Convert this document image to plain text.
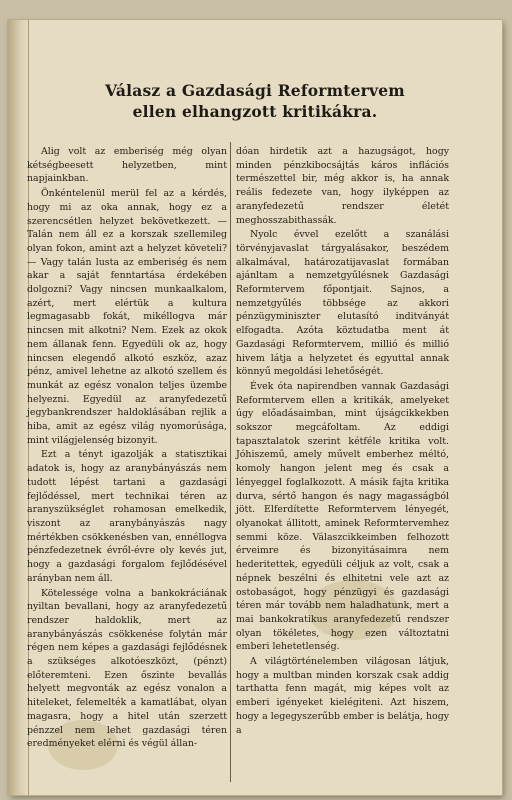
Válasz a Gazdasági Reformtervem
ellen elhangzott kritikákra.

Alig volt az emberiség még olyan kétségbeesett helyzetben, mint napjainkban.

Önkéntelenül merül fel az a kérdés, hogy mi az oka annak, hogy ez a szerencsétlen helyzet bekövetkezett. — Talán nem áll ez a korszak szellemileg olyan fokon, amint azt a helyzet követeli? — Vagy talán lusta az emberiség és nem akar a saját fenntartása érdekében dolgozni? Vagy nincsen munkaalkalom, azért, mert elértük a kultura legmagasabb fokát, mikéllogva már nincsen mit alkotni? Nem. Ezek az okok nem állanak fenn. Egyedüli ok az, hogy nincsen elegendő alkotó eszköz, azaz pénz, amivel lehetne az alkotó szellem és munkát az egész vonalon teljes üzembe helyezni. Egyedül az aranyfedezetű jegybankrendszer haldoklásában rejlik a hiba, amit az egész világ nyomorúsága, mint világjelenség bizonyit.

Ezt a tényt igazolják a statisztikai adatok is, hogy az aranybányászás nem tudott lépést tartani a gazdasági fejlődéssel, mert technikai téren az aranyszükséglet rohamosan emelkedik, viszont az aranybányászás nagy mértékben csökkenésben van, ennéllogva pénzfedezetnek évről-évre oly kevés jut, hogy a gazdasági forgalom fejlődésével arányban nem áll.

Kötelessége volna a bankokráciának nyiltan bevallani, hogy az aranyfedezetű rendszer haldoklik, mert az aranybányászás csökkenése folytán már régen nem képes a gazdasági fejlődésnek a szükséges alkotóeszközt, (pénzt) előteremteni. Ezen őszinte bevallás helyett megvonták az egész vonalon a hiteleket, felemelték a kamatlábat, olyan magasra, hogy a hitel után szerzett pénzzel nem lehet gazdasági téren eredményeket elérni és végül állan-

dóan hirdetik azt a hazugságot, hogy minden pénzkibocsájtás káros inflációs természettel bir, még akkor is, ha annak reális fedezete van, hogy ilyképpen az aranyfedezetű rendszer életét meghosszabithassák.

Nyolc évvel ezelőtt a szanálási törvényjavaslat tárgyalásakor, beszédem alkalmával, határozatijavaslat formában ajánltam a nemzetgyűlésnek Gazdasági Reformtervem főpontjait. Sajnos, a nemzetgyűlés többsége az akkori pénzügyminiszter elutasító inditványát elfogadta. Azóta köztudatba ment át Gazdasági Reformtervem, millió és millió hivem látja a helyzetet és egyuttal annak könnyű megoldási lehetőségét.

Évek óta napirendben vannak Gazdasági Reformtervem ellen a kritikák, amelyeket úgy előadásaimban, mint újságcikkekben sokszor megcáfoltam. Az eddigi tapasztalatok szerint kétféle kritika volt. Jóhiszemű, amely művelt emberhez méltó, komoly hangon jelent meg és csak a lényeggel foglalkozott. A másik fajta kritika durva, sértő hangon és nagy magasságból jött. Elferdítette Reformtervem lényegét, olyanokat állitott, aminek Reformtervemhez semmi köze. Válaszcikkeimben felhozott érveimre és bizonyitásaimra nem hederitettek, egyedüli céljuk az volt, csak a népnek beszélni és elhitetni vele azt az ostobaságot, hogy pénzügyi és gazdasági téren már tovább nem haladhatunk, mert a mai bankokratikus aranyfedezetű rendszer olyan tökéletes, hogy ezen változtatni emberi lehetetlenség.

A világtörténelemben világosan látjuk, hogy a multban minden korszak csak addig tarthatta fenn magát, mig képes volt az emberi igényeket kielégiteni. Azt hiszem, hogy a legegyszerűbb ember is belátja, hogy a
